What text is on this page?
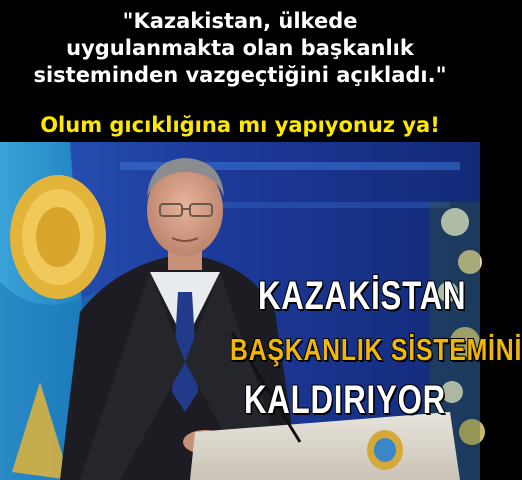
"Kazakistan, ülkede
uygulanmakta olan başkanlık
sisteminden vazgeçtiğini açıkladı."
Olum gıcıklığına mı yapıyonuz ya!
KAZAKİSTAN
BAŞKANLIK SİSTEMİNİ
KALDIRIYOR
